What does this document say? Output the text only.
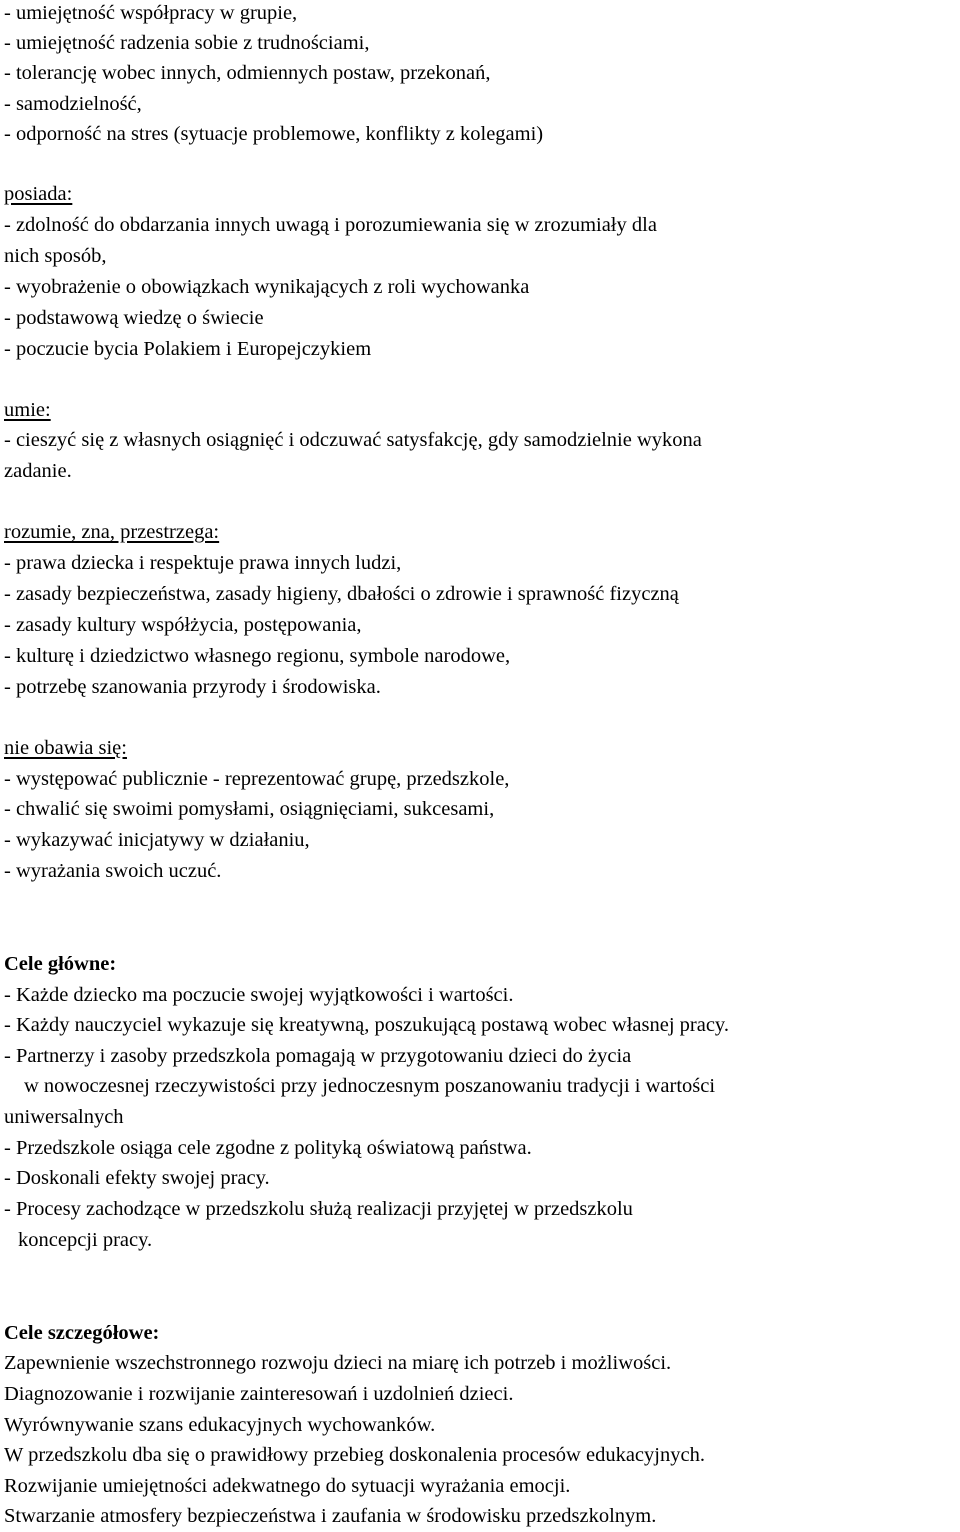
- umiejętność współpracy w grupie,
- umiejętność radzenia sobie z trudnościami,
- tolerancję wobec innych, odmiennych postaw, przekonań,
- samodzielność,
- odporność na stres (sytuacje problemowe, konflikty z kolegami)
posiada:
- zdolność do obdarzania innych uwagą i porozumiewania się w zrozumiały dla
nich sposób,
- wyobrażenie o obowiązkach wynikających z roli wychowanka
- podstawową wiedzę o świecie
- poczucie bycia Polakiem i Europejczykiem
umie:
- cieszyć się z własnych osiągnięć i odczuwać satysfakcję, gdy samodzielnie wykona
zadanie.
rozumie, zna, przestrzega:
- prawa dziecka i respektuje prawa innych ludzi,
- zasady bezpieczeństwa, zasady higieny, dbałości o zdrowie i sprawność fizyczną
- zasady kultury współżycia, postępowania,
- kulturę i dziedzictwo własnego regionu, symbole narodowe,
- potrzebę szanowania przyrody i środowiska.
nie obawia się:
- występować publicznie - reprezentować grupę, przedszkole,
- chwalić się swoimi pomysłami, osiągnięciami, sukcesami,
- wykazywać inicjatywy w działaniu,
- wyrażania swoich uczuć.
Cele główne:
- Każde dziecko ma poczucie swojej wyjątkowości i wartości.
- Każdy nauczyciel wykazuje się kreatywną, poszukującą postawą wobec własnej pracy.
- Partnerzy i zasoby przedszkola pomagają w przygotowaniu dzieci do życia
w nowoczesnej rzeczywistości przy jednoczesnym poszanowaniu tradycji i wartości
uniwersalnych
- Przedszkole osiąga cele zgodne z polityką oświatową państwa.
- Doskonali efekty swojej pracy.
- Procesy zachodzące w przedszkolu służą realizacji przyjętej w przedszkolu
koncepcji pracy.
Cele szczegółowe:
Zapewnienie wszechstronnego rozwoju dzieci na miarę ich potrzeb i możliwości.
Diagnozowanie i rozwijanie zainteresowań i uzdolnień dzieci.
Wyrównywanie szans edukacyjnych wychowanków.
W przedszkolu dba się o prawidłowy przebieg doskonalenia procesów edukacyjnych.
Rozwijanie umiejętności adekwatnego do sytuacji wyrażania emocji.
Stwarzanie atmosfery bezpieczeństwa i zaufania w środowisku przedszkolnym.
